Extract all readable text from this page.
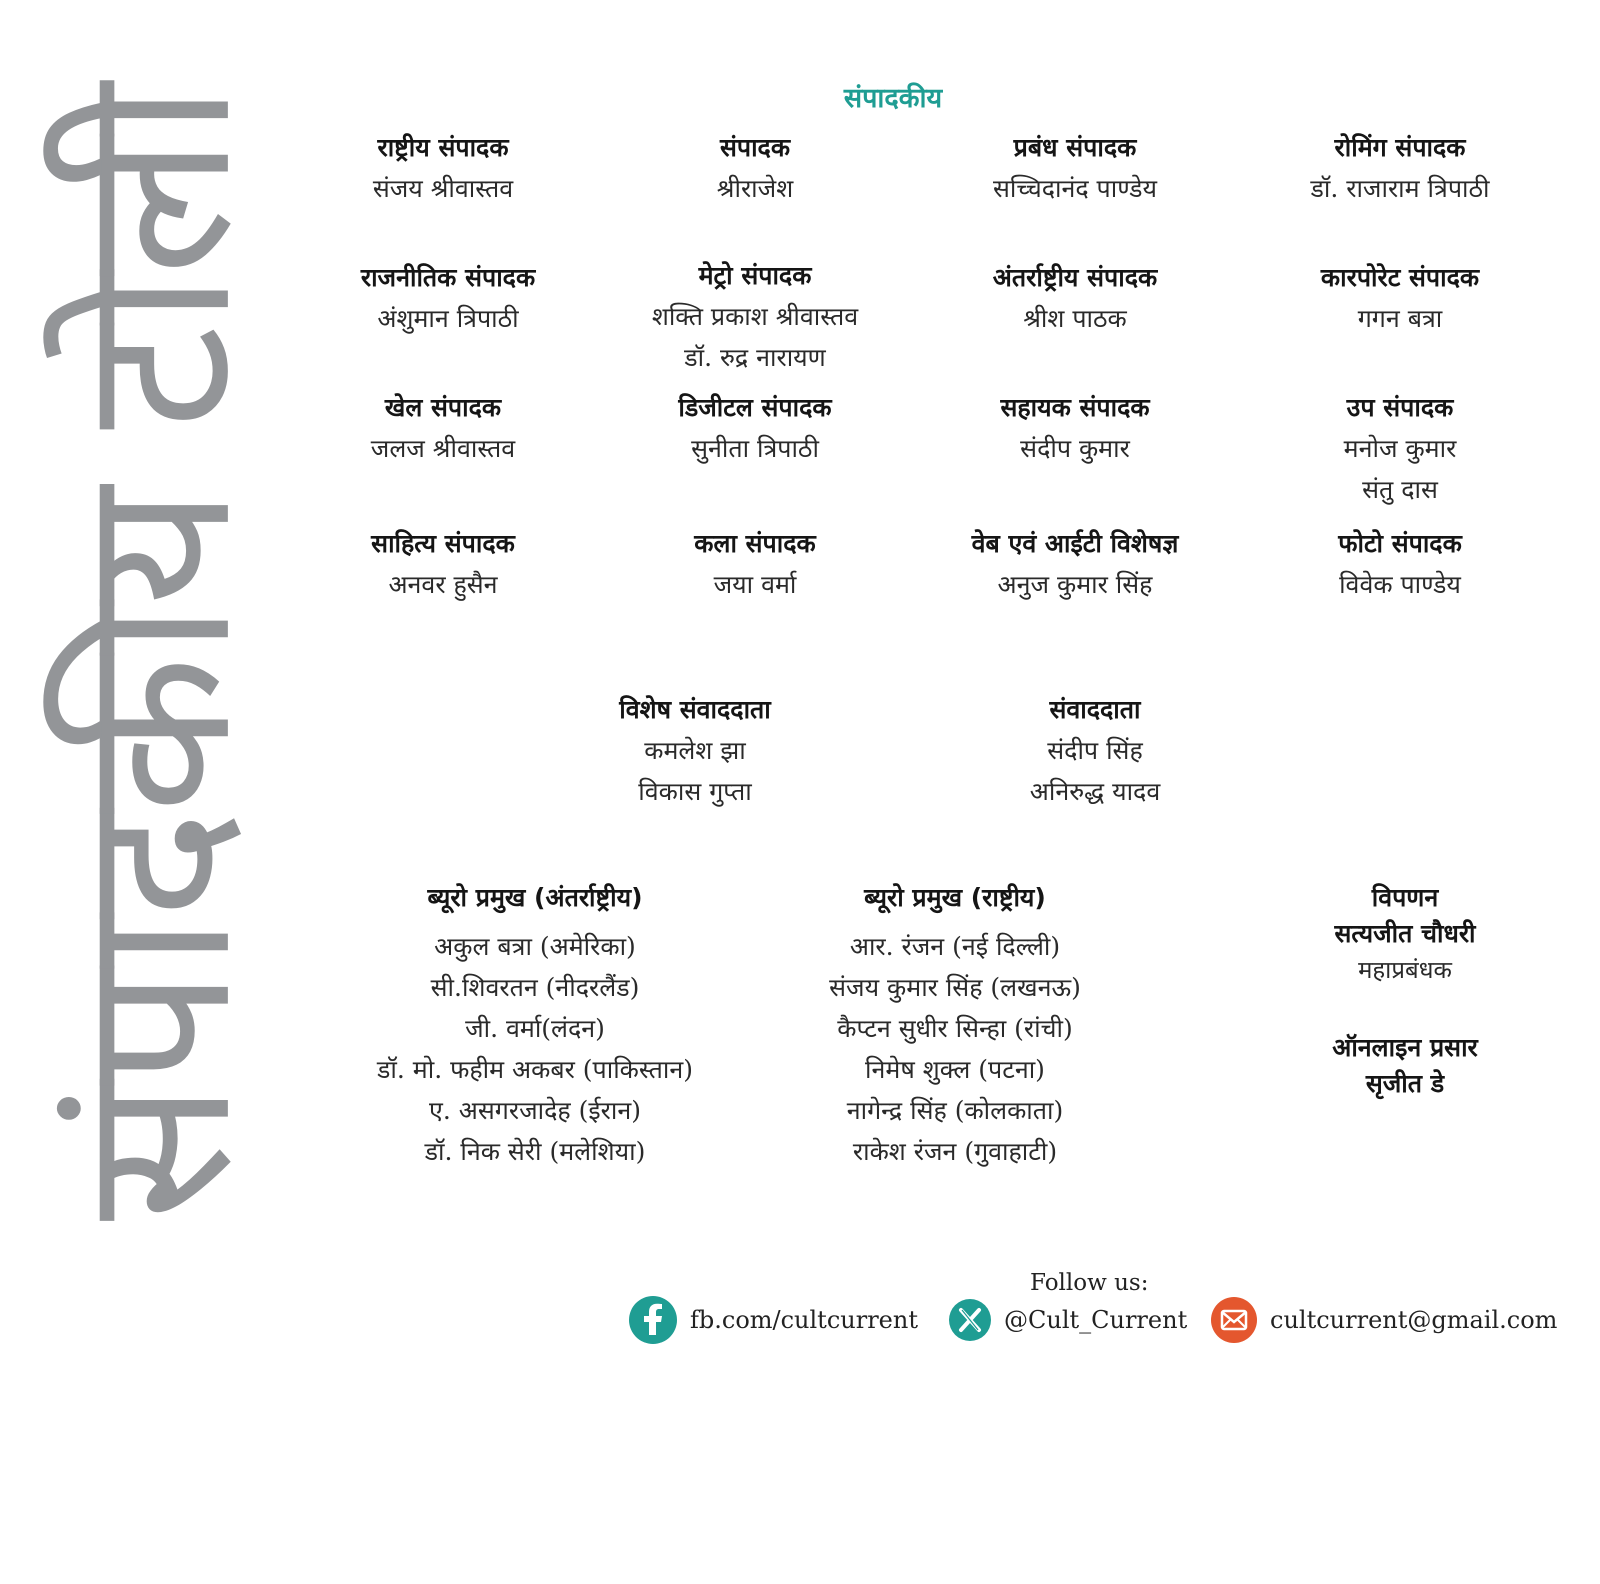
संपादकीय टोली	संपादकीय
राष्ट्रीय संपादक
संजय श्रीवास्तव
संपादक
श्रीराजेश
प्रबंध संपादक
सच्चिदानंद पाण्डेय
रोमिंग संपादक
डॉ. राजाराम त्रिपाठी
राजनीतिक संपादक
अंशुमान त्रिपाठी
मेट्रो संपादक
शक्ति प्रकाश श्रीवास्तव
डॉ. रुद्र नारायण
अंतर्राष्ट्रीय संपादक
श्रीश पाठक
कारपोरेट संपादक
गगन बत्रा
खेल संपादक
जलज श्रीवास्तव
डिजीटल संपादक
सुनीता त्रिपाठी
सहायक संपादक
संदीप कुमार
उप संपादक
मनोज कुमार
संतु दास
साहित्य संपादक
अनवर हुसैन
कला संपादक
जया वर्मा
वेब एवं आईटी विशेषज्ञ
अनुज कुमार सिंह
फोटो संपादक
विवेक पाण्डेय
विशेष संवाददाता
कमलेश झा
विकास गुप्ता
संवाददाता
संदीप सिंह
अनिरुद्ध यादव
ब्यूरो प्रमुख (अंतर्राष्ट्रीय)
अकुल बत्रा (अमेरिका)
सी.शिवरतन (नीदरलैंड)
जी. वर्मा(लंदन)
डॉ. मो. फहीम अकबर (पाकिस्तान)
ए. असगरजादेह (ईरान)
डॉ. निक सेरी (मलेशिया)
ब्यूरो प्रमुख (राष्ट्रीय)
आर. रंजन (नई दिल्ली)
संजय कुमार सिंह (लखनऊ)
कैप्टन सुधीर सिन्हा (रांची)
निमेष शुक्ल (पटना)
नागेन्द्र सिंह (कोलकाता)
राकेश रंजन (गुवाहाटी)
विपणन
सत्यजीत चौधरी
महाप्रबंधक
ऑनलाइन प्रसार
सृजीत डे
Follow us:
fb.com/cultcurrent	@Cult_Current	cultcurrent@gmail.com
